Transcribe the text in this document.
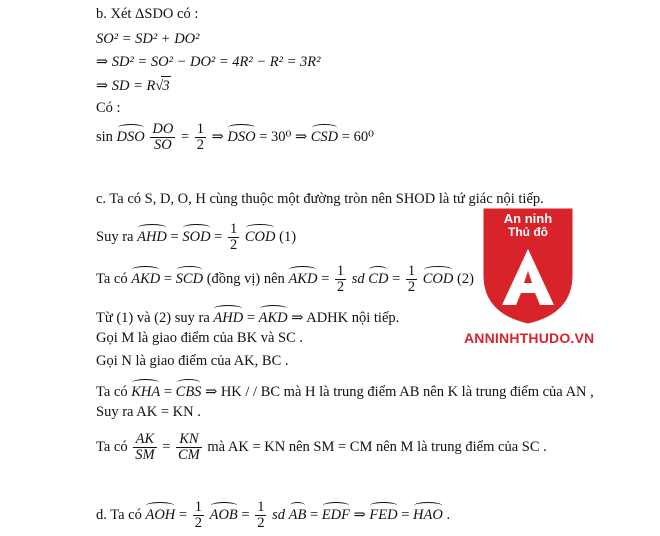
b. Xét ΔSDO có :
SO² = SD² + DO²
⇒ SD² = SO² − DO² = 4R² − R² = 3R²
⇒ SD = R√3
Có :
sin DSO $\frac{DO}{SO} = \frac{1}{2}$ ⇒ DSO = 30⁰ ⇒ CSD = 60⁰
c. Ta có S, D, O, H cùng thuộc một đường tròn nên SHOD là tứ giác nội tiếp.
Suy ra AHD = SOD = $\frac{1}{2}$ COD (1)
Ta có AKD = SCD (đồng vị) nên AKD = $\frac{1}{2}$ sd CD = $\frac{1}{2}$ COD (2)
Từ (1) và (2) suy ra AHD = AKD ⇒ ADHK nội tiếp.
Gọi M là giao điểm của BK và SC .
Gọi N là giao điểm của AK, BC .
Ta có KHA = CBS ⇒ HK / / BC mà H là trung điểm AB nên K là trung điểm của AN ,
Suy ra AK = KN .
Ta có $\frac{AK}{SM} = \frac{KN}{CM}$ mà AK = KN nên SM = CM nên M là trung điểm của SC .
d. Ta có AOH = $\frac{1}{2}$ AOB = $\frac{1}{2}$ sd AB = EDF ⇒ FED = HAO .
An ninh
Thủ đô
ANNINHTHUDO.VN
